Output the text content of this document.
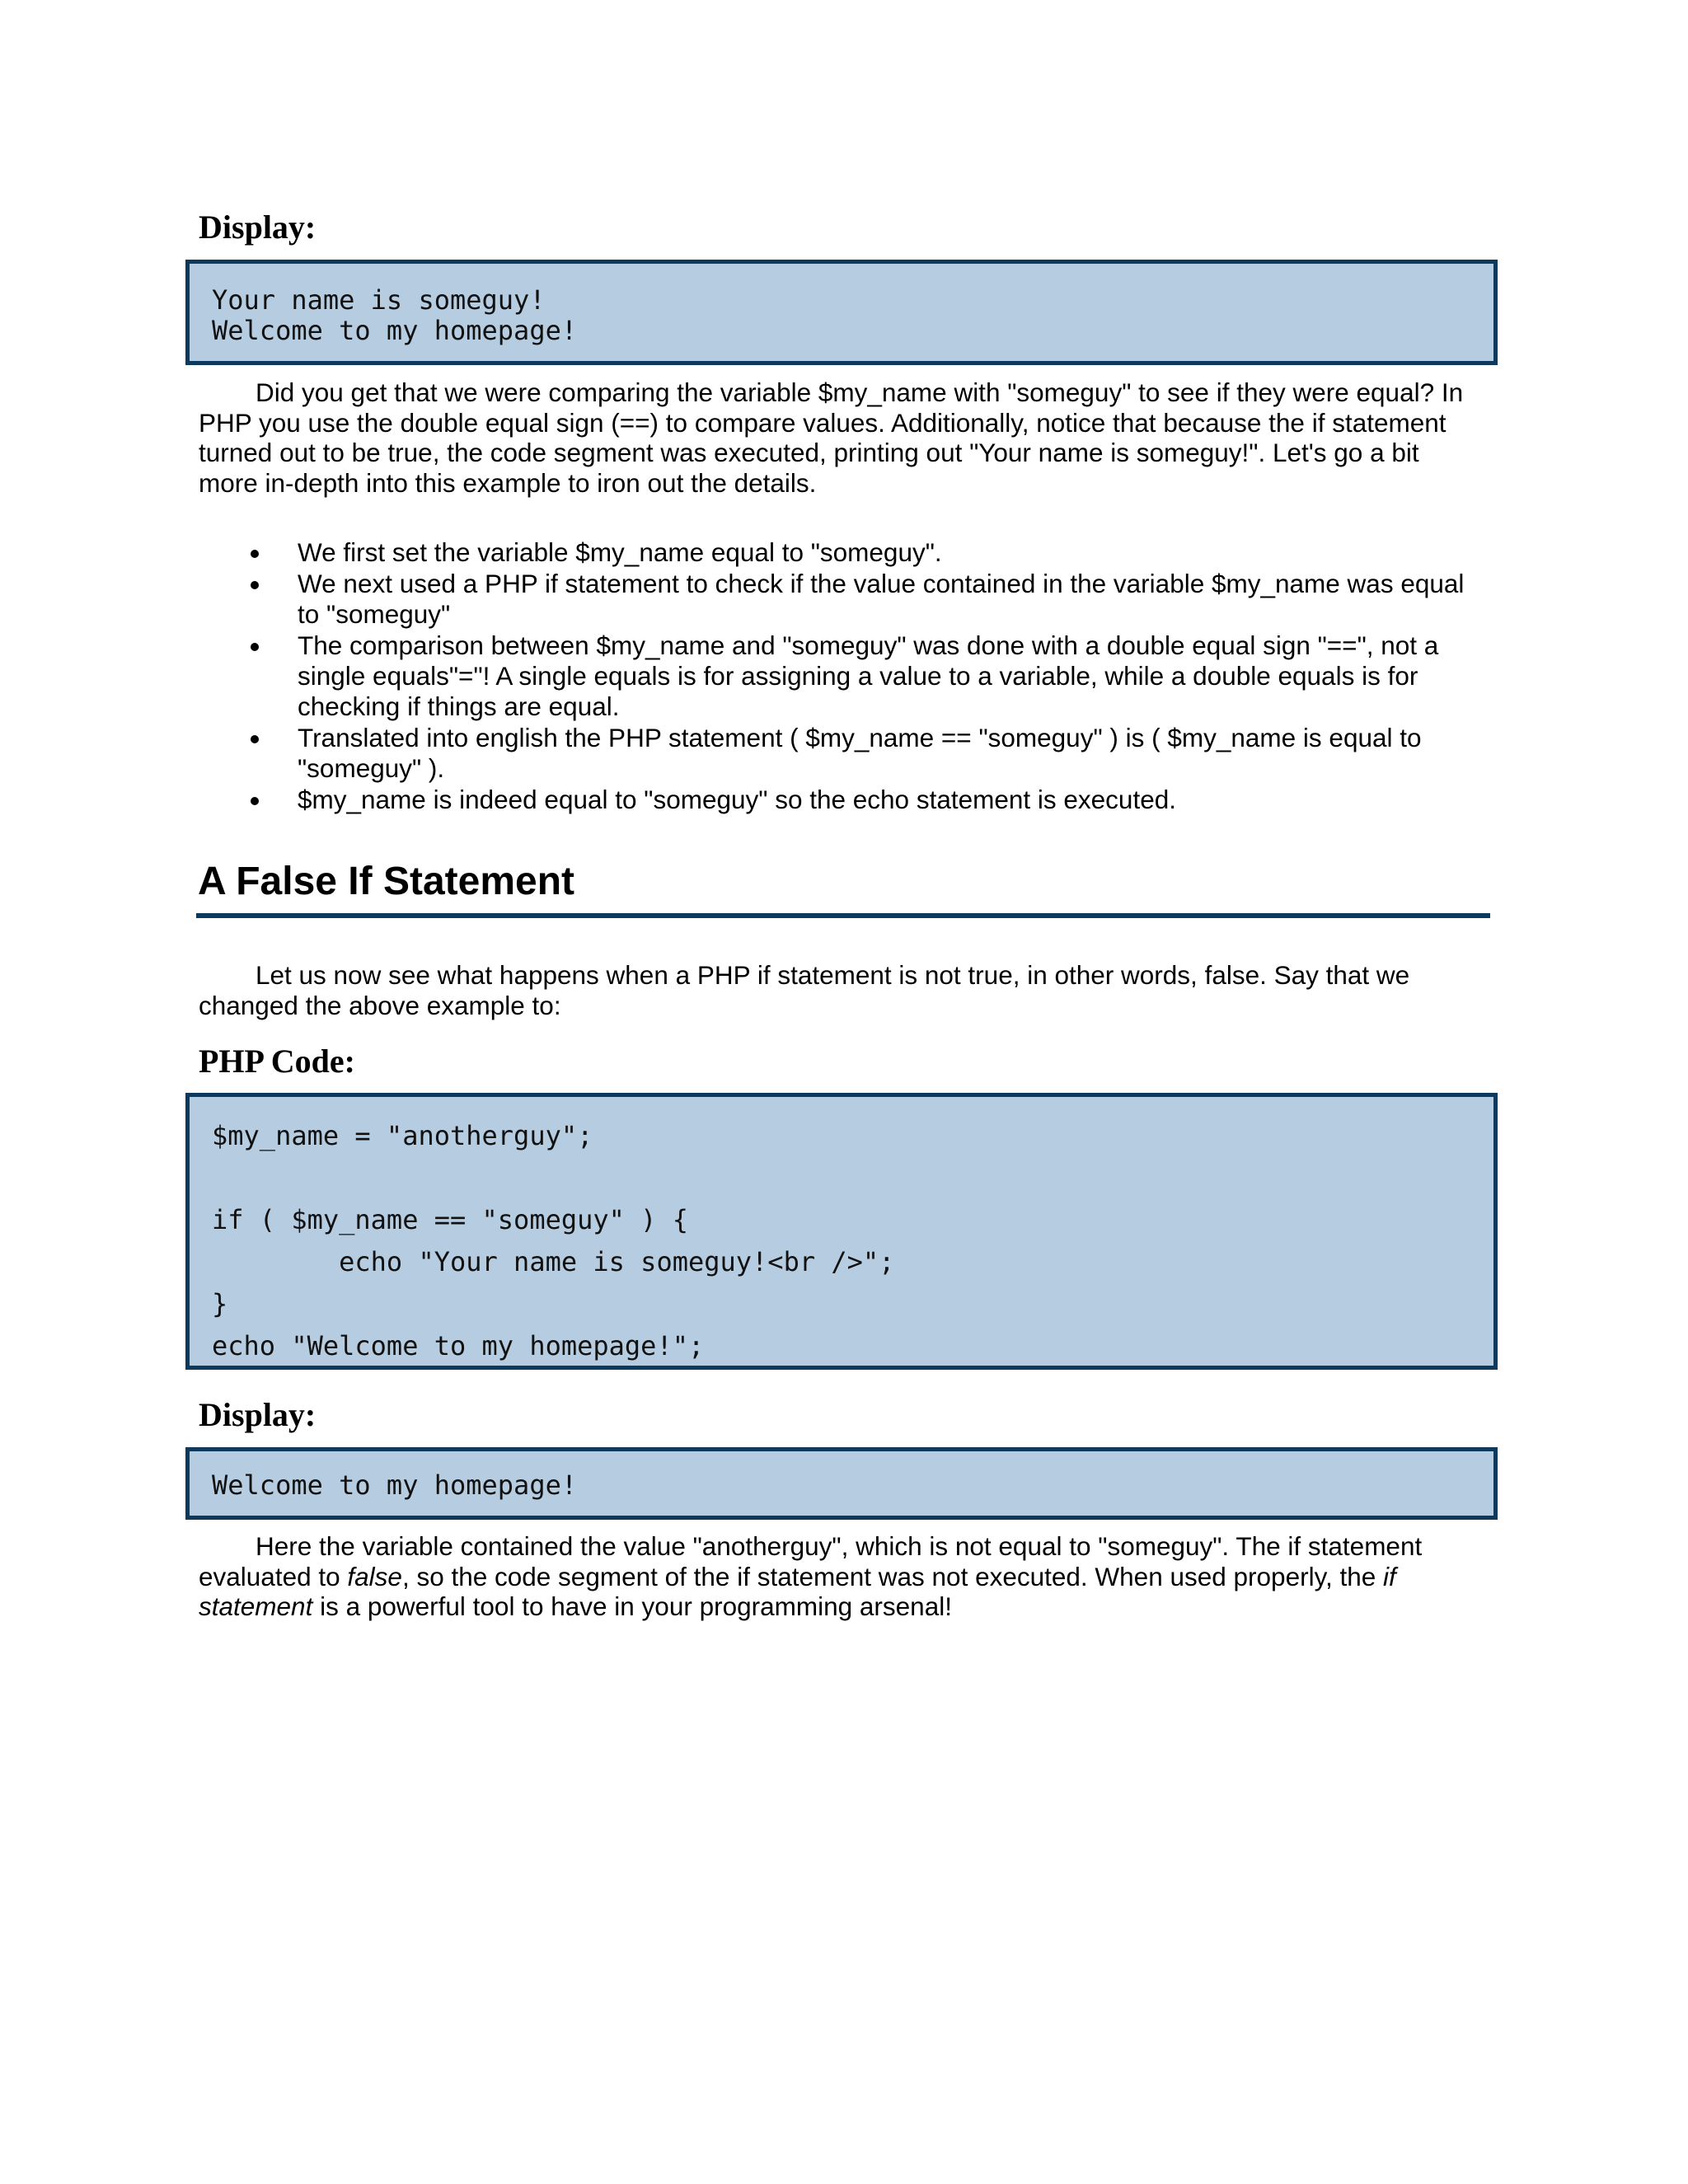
Display:
Your name is someguy!
Welcome to my homepage!

Did you get that we were comparing the variable $my_name with "someguy" to see if they were equal? In PHP you use the double equal sign (==) to compare values. Additionally, notice that because the if statement turned out to be true, the code segment was executed, printing out "Your name is someguy!". Let's go a bit more in-depth into this example to iron out the details.

We first set the variable $my_name equal to "someguy".
We next used a PHP if statement to check if the value contained in the variable $my_name was equal to "someguy"
The comparison between $my_name and "someguy" was done with a double equal sign "==", not a single equals"="! A single equals is for assigning a value to a variable, while a double equals is for checking if things are equal.
Translated into english the PHP statement ( $my_name == "someguy" ) is ( $my_name is equal to "someguy" ).
$my_name is indeed equal to "someguy" so the echo statement is executed.
A False If Statement

Let us now see what happens when a PHP if statement is not true, in other words, false. Say that we changed the above example to:

PHP Code:
$my_name = "anotherguy";
if ( $my_name == "someguy" ) {
echo "Your name is someguy!<br />";
}
echo "Welcome to my homepage!";
Display:
Welcome to my homepage!

Here the variable contained the value "anotherguy", which is not equal to "someguy". The if statement evaluated to false, so the code segment of the if statement was not executed. When used properly, the if statement is a powerful tool to have in your programming arsenal!
